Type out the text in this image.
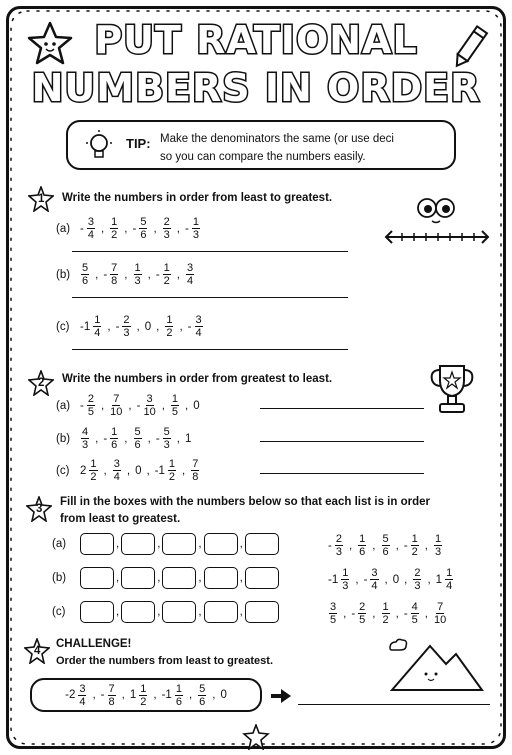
PUT RATIONAL
NUMBERS IN ORDER
TIP: Make the denominators the same (or use deci
so you can compare the numbers easily.
1 Write the numbers in order from least to greatest.
$(a) - \frac{3}{4}$ , $\frac{1}{2}$ , - $\frac{5}{6}$ , $\frac{2}{3}$ , - $\frac{1}{3}$
$(b) \frac{5}{6}$ , - $\frac{7}{8}$ , $\frac{1}{3}$ , - $\frac{1}{2}$ , $\frac{3}{4}$
(c) $-1 \frac{1}{4}$ , - $\frac{2}{3}$ , 0 , $\frac{1}{2}$ , - $\frac{3}{4}$
2 Write the numbers in order from greatest to least.
$(a) - \frac{2}{5}$ , $\frac{7}{10}$ , - $\frac{3}{10}$ , $\frac{1}{5}$ , 0
$(b) \frac{4}{3}$ , - $\frac{1}{6}$ , $\frac{5}{6}$ , - $\frac{5}{3}$ , 1
(c) $2 \frac{1}{2}$ , $\frac{3}{4}$ , 0 , $-1 \frac{1}{2}$ , $\frac{7}{8}$
3
Fill in the boxes with the numbers below so that each list is in order
from least to greatest.
(a)	,	,	,	,	- $\frac{2}{3}$ , $\frac{1}{6}$ , $\frac{5}{6}$ , - $\frac{1}{2}$ , $\frac{1}{3}$
(b)	,	,	,	,	$-1 \frac{1}{3}$ , - $\frac{3}{4}$ , 0 , $\frac{2}{3}$ , $1 \frac{1}{4}$
(c)	,	,	,	,	$\frac{3}{5}$ , - $\frac{2}{5}$ , $\frac{1}{2}$ , - $\frac{4}{5}$ , $\frac{7}{10}$
4
CHALLENGE!
Order the numbers from least to greatest.
$-2 \frac{3}{4}$ , - $\frac{7}{8}$ , $1 \frac{1}{2}$ , $-1 \frac{1}{6}$ , $\frac{5}{6}$ , 0
